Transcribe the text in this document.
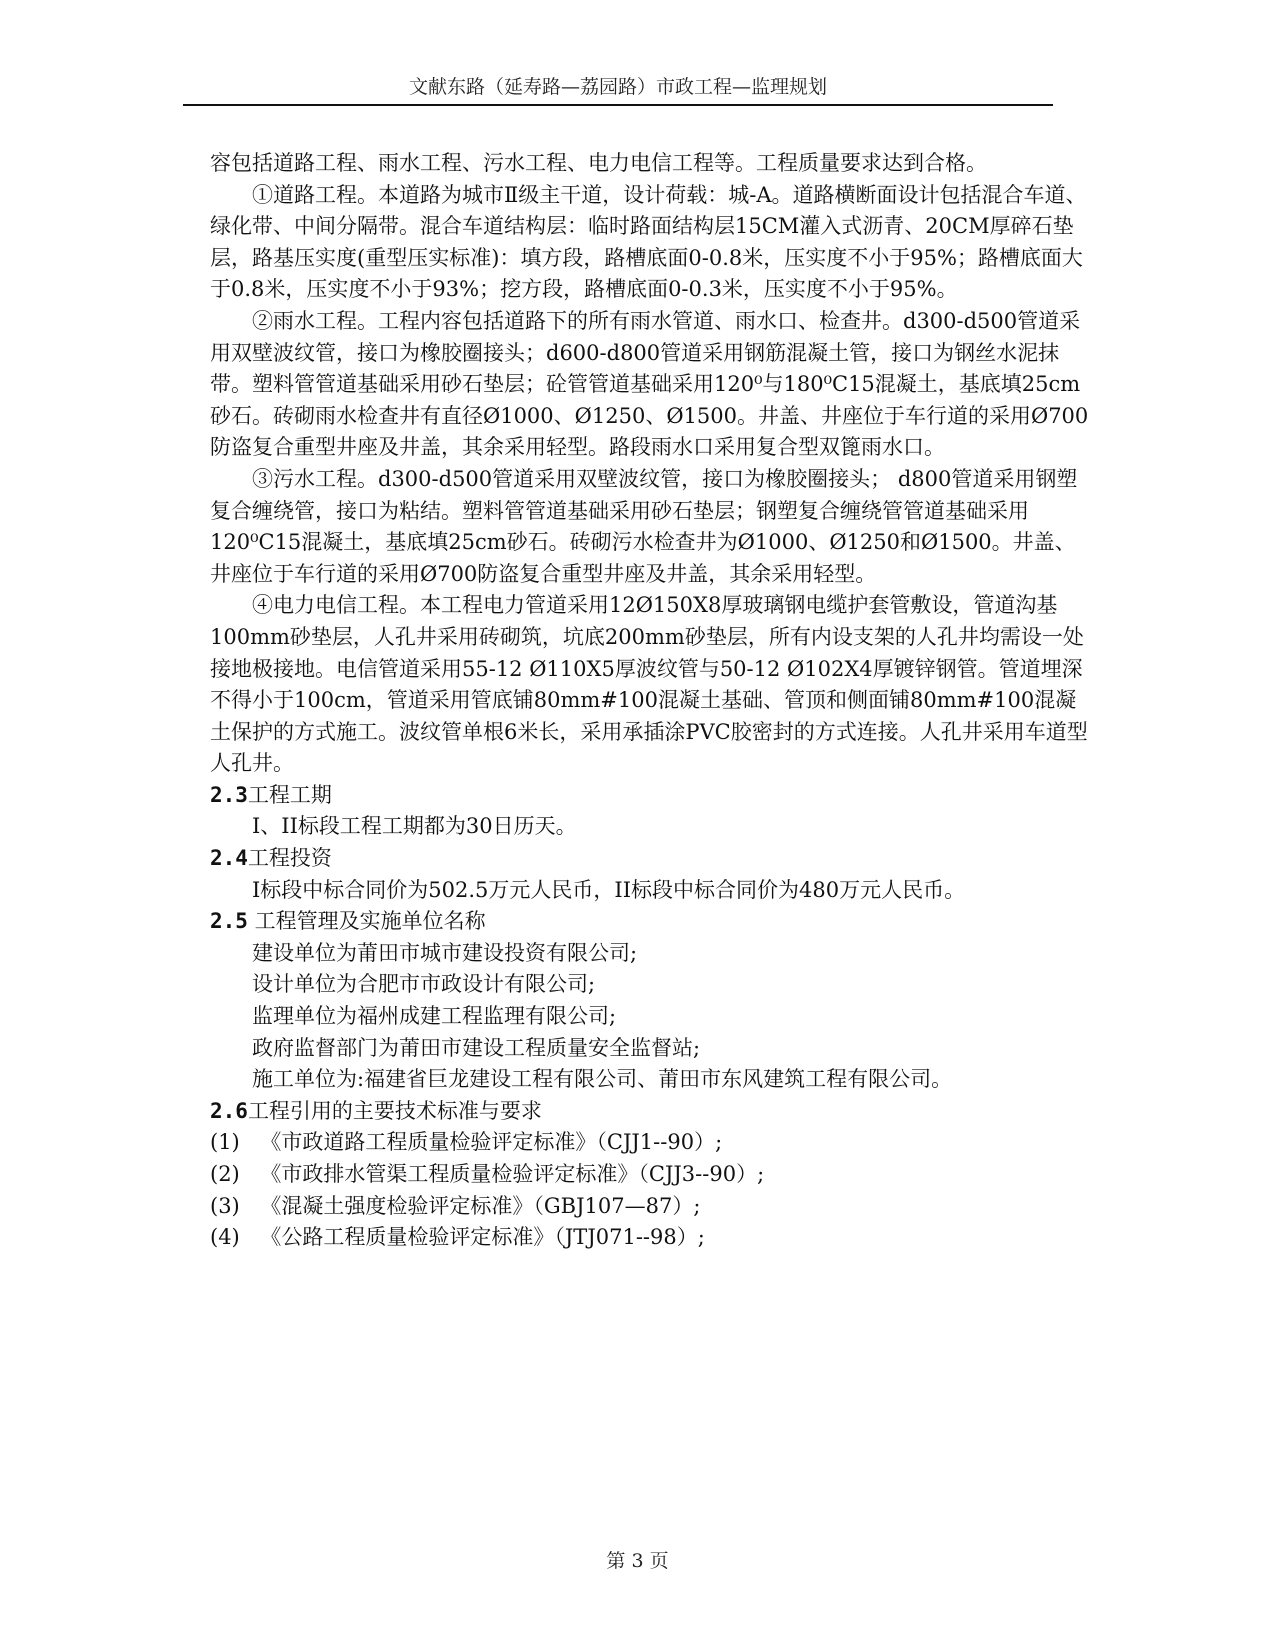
文献东路（延寿路—荔园路）市政工程—监理规划

容包括道路工程、雨水工程、污水工程、电力电信工程等。工程质量要求达到合格。

①道路工程。本道路为城市Ⅱ级主干道，设计荷载：城-A。道路横断面设计包括混合车道、绿化带、中间分隔带。混合车道结构层：临时路面结构层15CM灌入式沥青、20CM厚碎石垫层，路基压实度(重型压实标准)：填方段，路槽底面0-0.8米，压实度不小于95%；路槽底面大于0.8米，压实度不小于93%；挖方段，路槽底面0-0.3米，压实度不小于95%。

②雨水工程。工程内容包括道路下的所有雨水管道、雨水口、检查井。d300-d500管道采用双壁波纹管，接口为橡胶圈接头；d600-d800管道采用钢筋混凝土管，接口为钢丝水泥抹带。塑料管管道基础采用砂石垫层；砼管管道基础采用120⁰与180⁰C15混凝土，基底填25cm砂石。砖砌雨水检查井有直径Ø1000、Ø1250、Ø1500。井盖、井座位于车行道的采用Ø700防盗复合重型井座及井盖，其余采用轻型。路段雨水口采用复合型双篦雨水口。

③污水工程。d300-d500管道采用双壁波纹管，接口为橡胶圈接头； d800管道采用钢塑复合缠绕管，接口为粘结。塑料管管道基础采用砂石垫层；钢塑复合缠绕管管道基础采用120⁰C15混凝土，基底填25cm砂石。砖砌污水检查井为Ø1000、Ø1250和Ø1500。井盖、井座位于车行道的采用Ø700防盗复合重型井座及井盖，其余采用轻型。

④电力电信工程。本工程电力管道采用12Ø150X8厚玻璃钢电缆护套管敷设，管道沟基100mm砂垫层，人孔井采用砖砌筑，坑底200mm砂垫层，所有内设支架的人孔井均需设一处接地极接地。电信管道采用55-12 Ø110X5厚波纹管与50-12 Ø102X4厚镀锌钢管。管道埋深不得小于100cm，管道采用管底铺80mm#100混凝土基础、管顶和侧面铺80mm#100混凝土保护的方式施工。波纹管单根6米长，采用承插涂PVC胶密封的方式连接。人孔井采用车道型人孔井。

2.3工程工期

I、II标段工程工期都为30日历天。

2.4工程投资

I标段中标合同价为502.5万元人民币，II标段中标合同价为480万元人民币。

2.5 工程管理及实施单位名称

建设单位为莆田市城市建设投资有限公司;

设计单位为合肥市市政设计有限公司;

监理单位为福州成建工程监理有限公司;

政府监督部门为莆田市建设工程质量安全监督站;

施工单位为:福建省巨龙建设工程有限公司、莆田市东风建筑工程有限公司。

2.6工程引用的主要技术标准与要求

(1) 《市政道路工程质量检验评定标准》（CJJ1--90）;

(2) 《市政排水管渠工程质量检验评定标准》（CJJ3--90）;

(3) 《混凝土强度检验评定标准》（GBJ107—87）;

(4) 《公路工程质量检验评定标准》（JTJ071--98）;

第 3 页
